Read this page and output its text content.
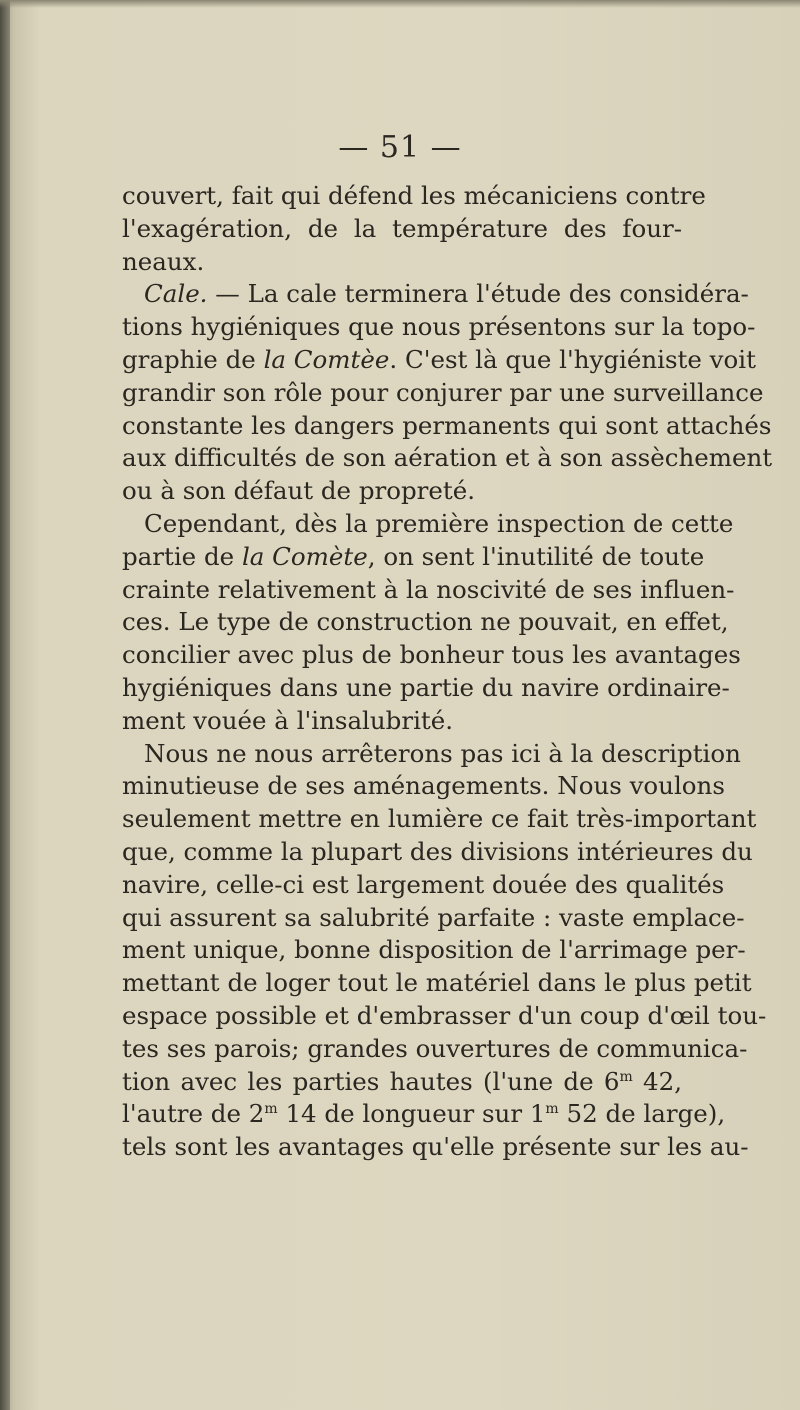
— 51 —
couvert, fait qui défend les mécaniciens contre
l'exagération, de la température des four-
neaux.
Cale. — La cale terminera l'étude des considéra-
tions hygiéniques que nous présentons sur la topo-
graphie de la Comtèe. C'est là que l'hygiéniste voit
grandir son rôle pour conjurer par une surveillance
constante les dangers permanents qui sont attachés
aux difficultés de son aération et à son assèchement
ou à son défaut de propreté.
Cependant, dès la première inspection de cette
partie de la Comète, on sent l'inutilité de toute
crainte relativement à la noscivité de ses influen-
ces. Le type de construction ne pouvait, en effet,
concilier avec plus de bonheur tous les avantages
hygiéniques dans une partie du navire ordinaire-
ment vouée à l'insalubrité.
Nous ne nous arrêterons pas ici à la description
minutieuse de ses aménagements. Nous voulons
seulement mettre en lumière ce fait très-important
que, comme la plupart des divisions intérieures du
navire, celle-ci est largement douée des qualités
qui assurent sa salubrité parfaite : vaste emplace-
ment unique, bonne disposition de l'arrimage per-
mettant de loger tout le matériel dans le plus petit
espace possible et d'embrasser d'un coup d'œil tou-
tes ses parois; grandes ouvertures de communica-
tion avec les parties hautes (l'une de 6$^m$ 42,
l'autre de 2$^m$ 14 de longueur sur 1$^m$ 52 de large),
tels sont les avantages qu'elle présente sur les au-
